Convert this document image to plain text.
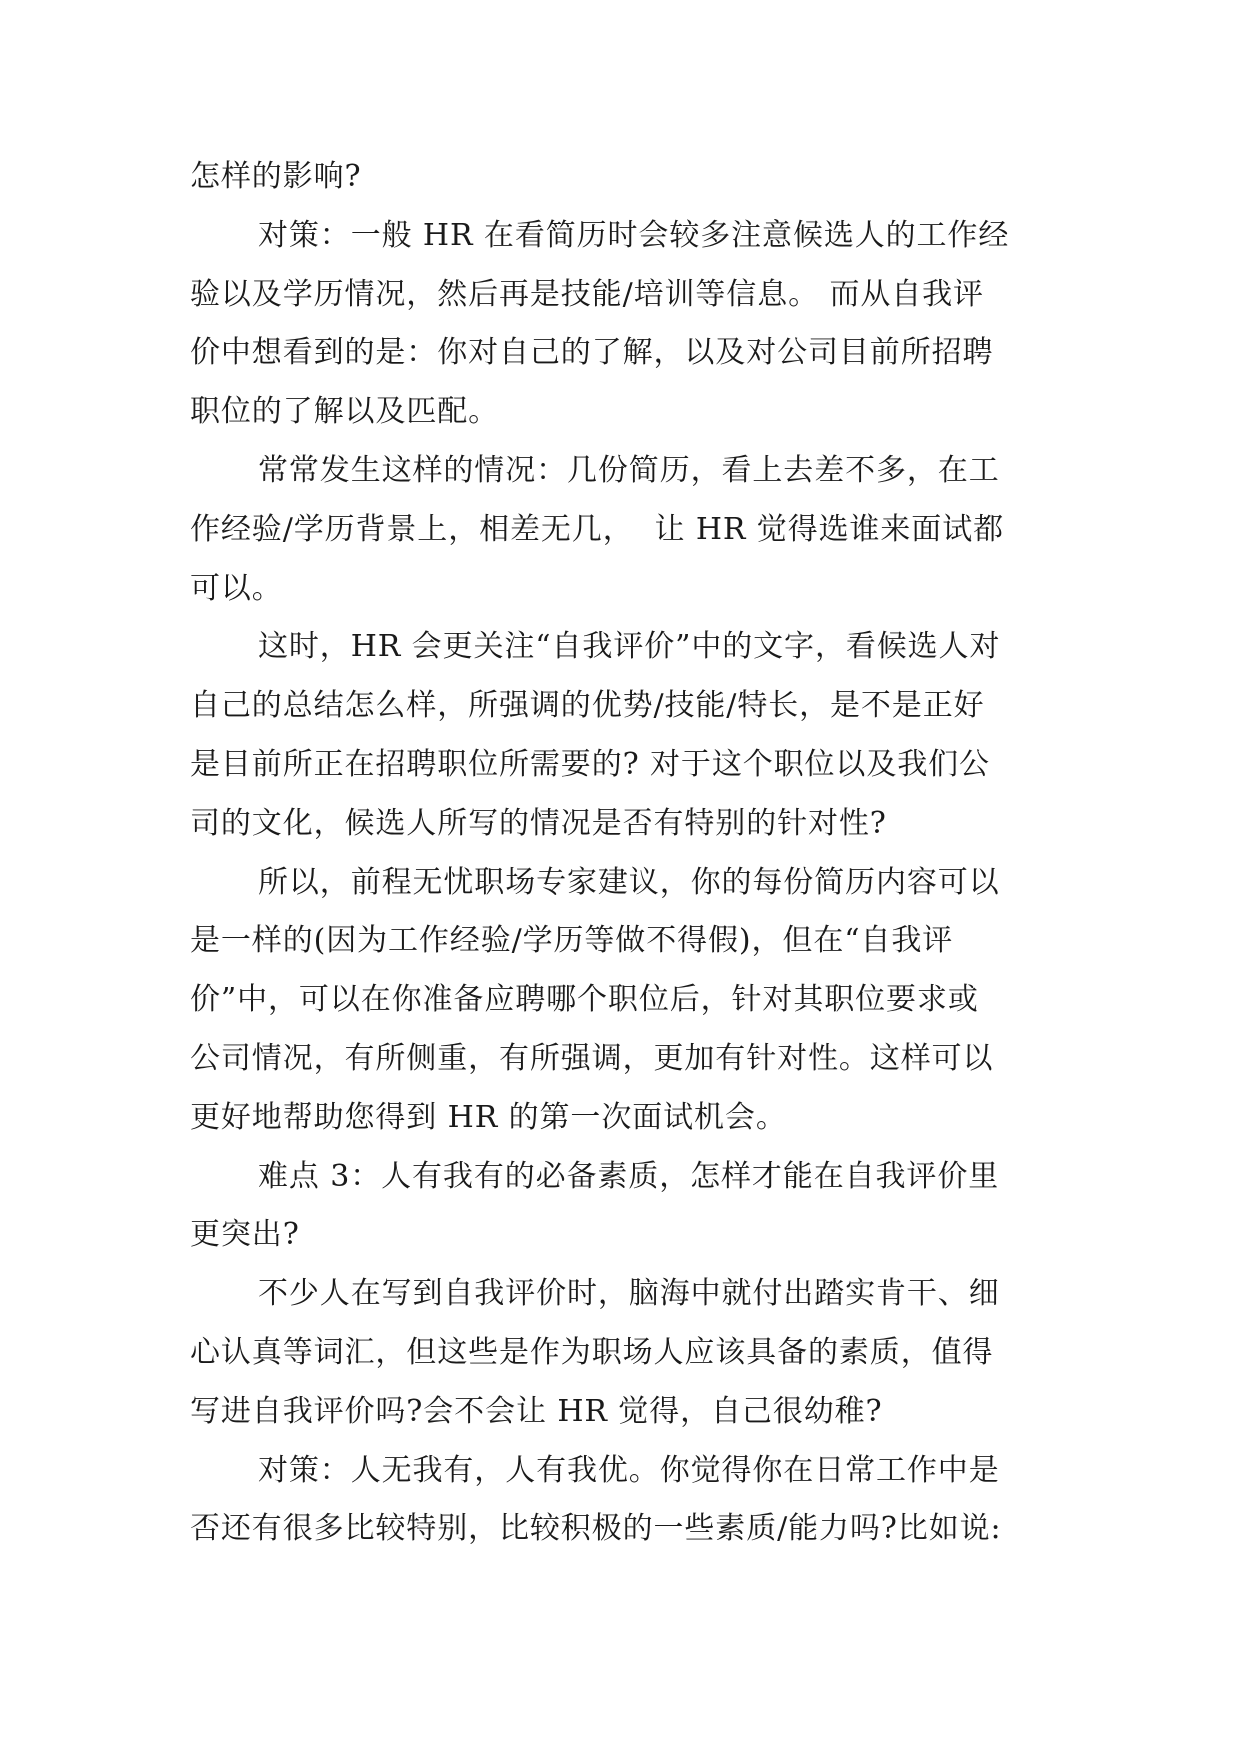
怎样的影响?
对策：一般 HR 在看简历时会较多注意候选人的工作经
验以及学历情况，然后再是技能/培训等信息。 而从自我评
价中想看到的是：你对自己的了解，以及对公司目前所招聘
职位的了解以及匹配。
常常发生这样的情况：几份简历，看上去差不多，在工
作经验/学历背景上，相差无几，  让 HR 觉得选谁来面试都
可以。
这时，HR 会更关注“自我评价”中的文字，看候选人对
自己的总结怎么样，所强调的优势/技能/特长，是不是正好
是目前所正在招聘职位所需要的? 对于这个职位以及我们公
司的文化，候选人所写的情况是否有特别的针对性?
所以，前程无忧职场专家建议，你的每份简历内容可以
是一样的(因为工作经验/学历等做不得假)，但在“自我评
价”中，可以在你准备应聘哪个职位后，针对其职位要求或
公司情况，有所侧重，有所强调，更加有针对性。这样可以
更好地帮助您得到 HR 的第一次面试机会。
难点 3：人有我有的必备素质，怎样才能在自我评价里
更突出?
不少人在写到自我评价时，脑海中就付出踏实肯干、细
心认真等词汇，但这些是作为职场人应该具备的素质，值得
写进自我评价吗?会不会让 HR 觉得，自己很幼稚?
对策：人无我有，人有我优。你觉得你在日常工作中是
否还有很多比较特别，比较积极的一些素质/能力吗?比如说:
